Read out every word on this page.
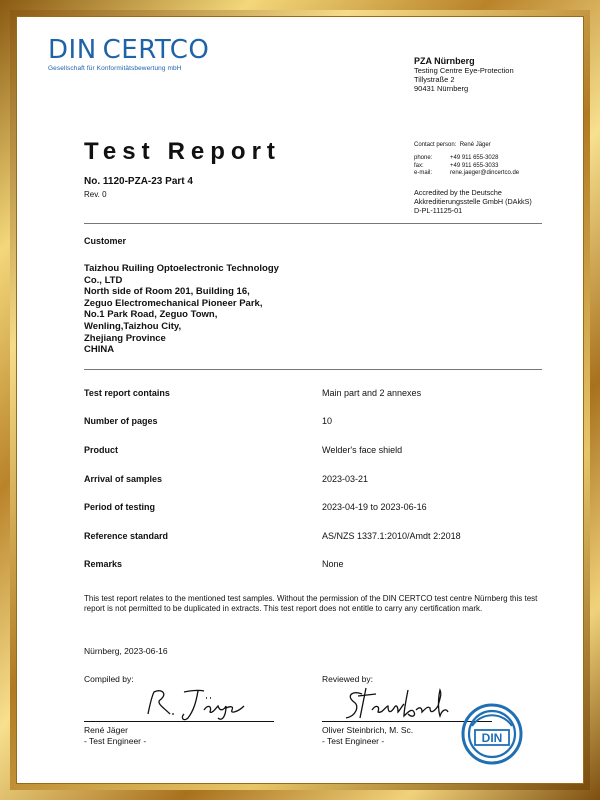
DIN CERTCO
Gesellschaft für Konformitätsbewertung mbH
PZA Nürnberg
Testing Centre Eye-Protection
Tillystraße 2
90431 Nürnberg
Test Report
No. 1120-PZA-23 Part 4
Rev. 0
Contact person: René Jäger	

phone:	+49 911 655-3028
fax:	+49 911 655-3033
e-mail:	rene.jaeger@dincertco.de
Accredited by the Deutsche
Akkreditierungsstelle GmbH (DAkkS)
D-PL-11125-01
Customer
Taizhou Ruiling Optoelectronic Technology
Co., LTD
North side of Room 201, Building 16,
Zeguo Electromechanical Pioneer Park,
No.1 Park Road, Zeguo Town,
Wenling,Taizhou City,
Zhejiang Province
CHINA
Test report contains	Main part and 2 annexes
Number of pages	10
Product	Welder's face shield
Arrival of samples	2023-03-21
Period of testing	2023-04-19 to 2023-06-16
Reference standard	AS/NZS 1337.1:2010/Amdt 2:2018
Remarks	None
This test report relates to the mentioned test samples. Without the permission of the DIN CERTCO test centre Nürnberg this test report is not permitted to be duplicated in extracts. This test report does not entitle to carry any certification mark.
Nürnberg, 2023-06-16
Compiled by:	Reviewed by:
René Jäger
- Test Engineer -
Oliver Steinbrich, M. Sc.
- Test Engineer -	DIN
